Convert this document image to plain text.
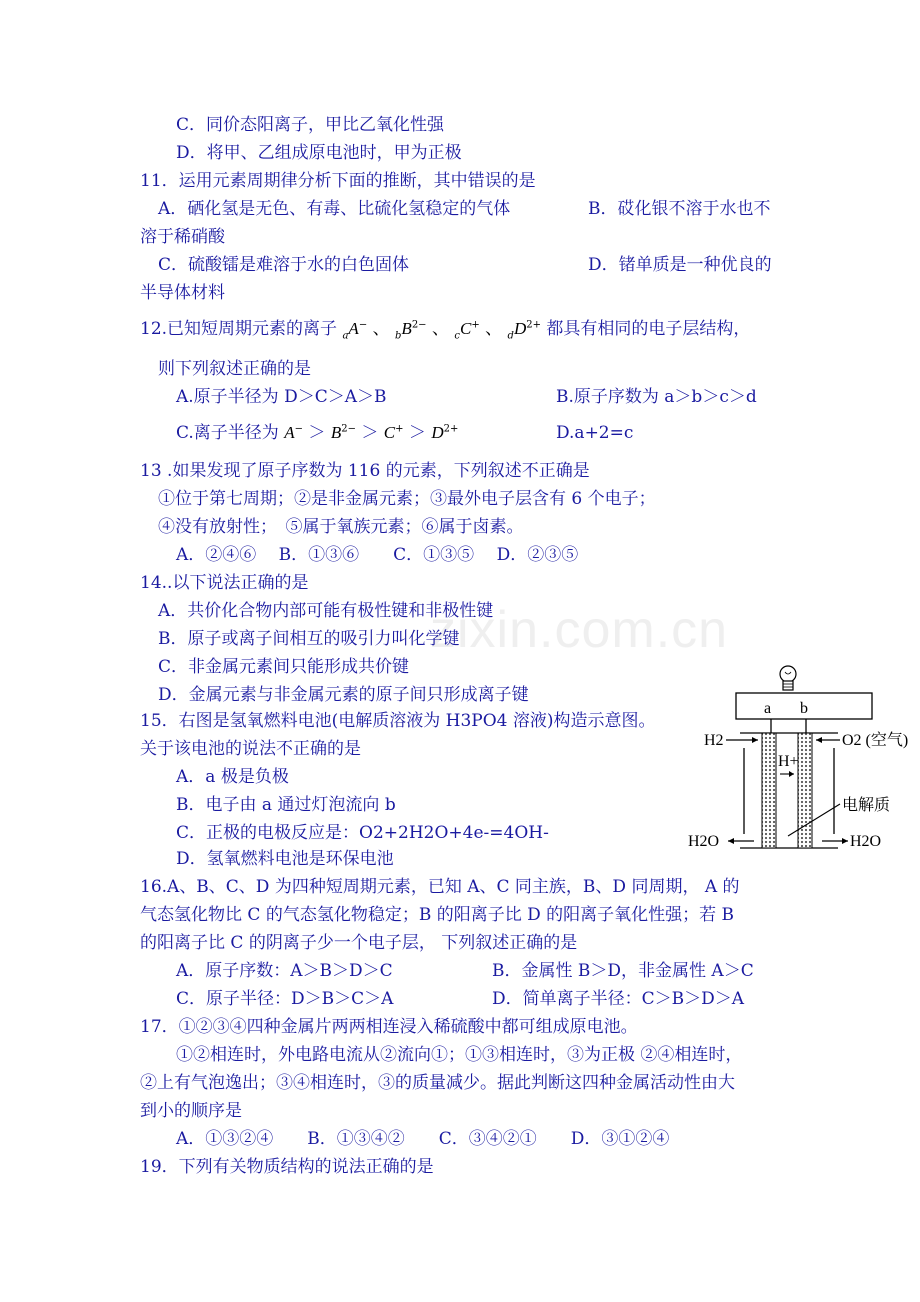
zixin.com.cn
C．同价态阳离子，甲比乙氧化性强
D．将甲、乙组成原电池时，甲为正极
11．运用元素周期律分析下面的推断，其中错误的是
A．硒化氢是无色、有毒、比硫化氢稳定的气体	B．砹化银不溶于水也不
溶于稀硝酸
C．硫酸镭是难溶于水的白色固体	D．锗单质是一种优良的
半导体材料
12.已知短周期元素的离子 $_a$A− 、 $_bB^{2-}$ 、 $_c$C+ 、 $_dD^{2+}$ 都具有相同的电子层结构，
则下列叙述正确的是
A.原子半径为 D＞C＞A＞B	B.原子序数为 a＞b＞c＞d
C.离子半径为 $A^- > B^{2-} > C^+ > D^{2+}$	D.a+2=c
13 .如果发现了原子序数为 116 的元素，下列叙述不正确是
①位于第七周期；②是非金属元素；③最外电子层含有 6 个电子；
④没有放射性；　⑤属于氧族元素；⑥属于卤素。
A．②④⑥　 B．①③⑥　　C．①③⑤　 D．②③⑤
14..以下说法正确的是
A．共价化合物内部可能有极性键和非极性键
B．原子或离子间相互的吸引力叫化学键
C．非金属元素间只能形成共价键
D．金属元素与非金属元素的原子间只形成离子键
15．右图是氢氧燃料电池(电解质溶液为 H3PO4 溶液)构造示意图。
关于该电池的说法不正确的是
A．a 极是负极
B．电子由 a 通过灯泡流向 b
C．正极的电极反应是：O2+2H2O+4e-=4OH-
D．氢氧燃料电池是环保电池
a b
H2	O2 (空气)
H+
电解质
H2O	H2O
16.A、B、C、D 为四种短周期元素，已知 A、C 同主族，B、D 同周期， A 的
气态氢化物比 C 的气态氢化物稳定；B 的阳离子比 D 的阳离子氧化性强；若 B
的阳离子比 C 的阴离子少一个电子层， 下列叙述正确的是
A．原子序数：A＞B＞D＞C	B．金属性 B＞D，非金属性 A＞C
C．原子半径：D＞B＞C＞A	D．简单离子半径：C＞B＞D＞A
17．①②③④四种金属片两两相连浸入稀硫酸中都可组成原电池。
①②相连时，外电路电流从②流向①；①③相连时，③为正极 ②④相连时，
②上有气泡逸出；③④相连时，③的质量减少。据此判断这四种金属活动性由大
到小的顺序是
A．①③②④　　B．①③④②　　C．③④②①　　D．③①②④
19．下列有关物质结构的说法正确的是
